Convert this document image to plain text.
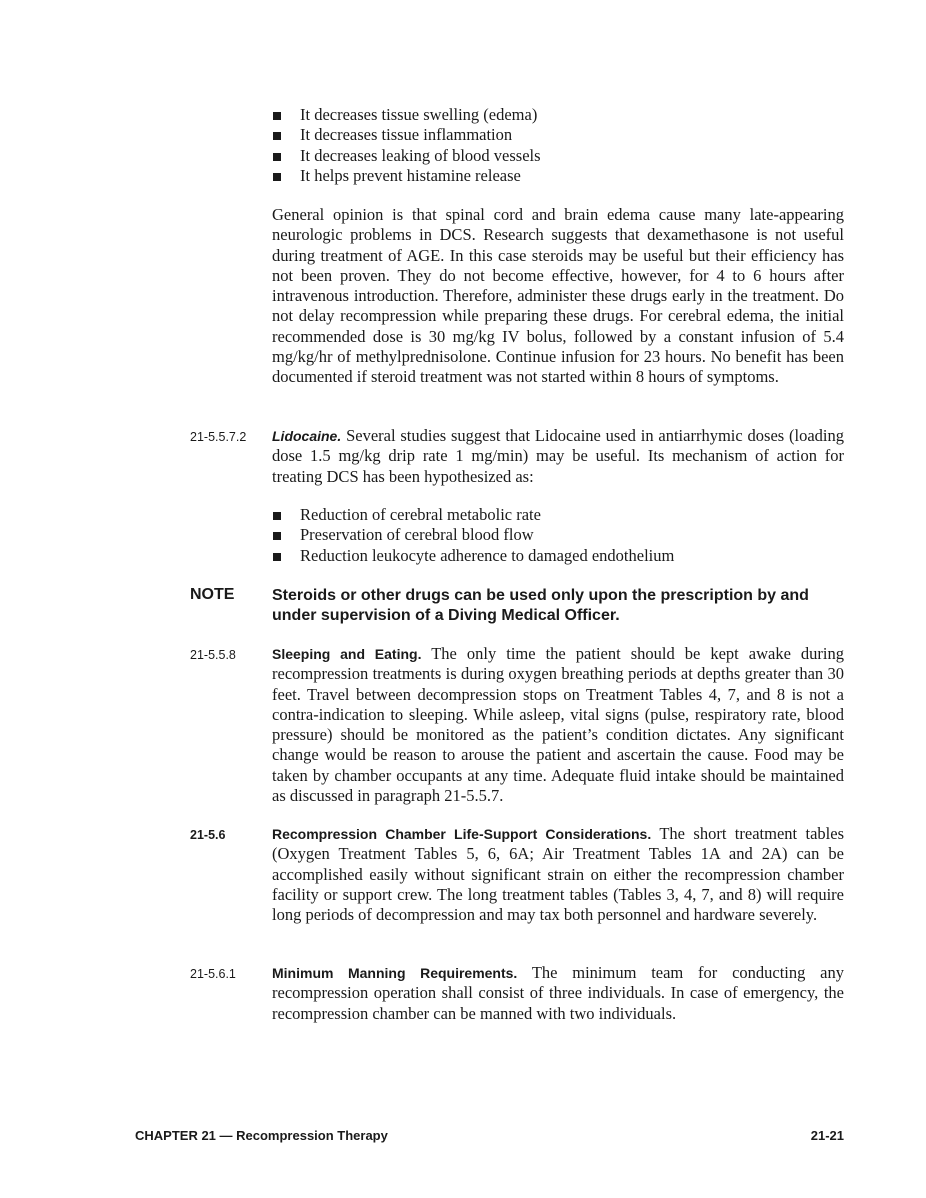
It decreases tissue swelling (edema)
It decreases tissue inflammation
It decreases leaking of blood vessels
It helps prevent histamine release
General opinion is that spinal cord and brain edema cause many late-appearing neurologic problems in DCS. Research suggests that dexamethasone is not useful during treatment of AGE. In this case steroids may be useful but their efficiency has not been proven. They do not become effective, however, for 4 to 6 hours after intravenous introduction. Therefore, administer these drugs early in the treatment. Do not delay recompression while preparing these drugs. For cerebral edema, the initial recommended dose is 30 mg/kg IV bolus, followed by a constant infusion of 5.4 mg/kg/hr of methylprednisolone. Continue infusion for 23 hours. No benefit has been documented if steroid treatment was not started within 8 hours of symptoms.
21-5.5.7.2 Lidocaine. Several studies suggest that Lidocaine used in antiarrhymic doses (loading dose 1.5 mg/kg drip rate 1 mg/min) may be useful. Its mechanism of action for treating DCS has been hypothesized as:
Reduction of cerebral metabolic rate
Preservation of cerebral blood flow
Reduction leukocyte adherence to damaged endothelium
NOTE Steroids or other drugs can be used only upon the prescription by and under supervision of a Diving Medical Officer.
21-5.5.8	Sleeping and Eating. The only time the patient should be kept awake during recompression treatments is during oxygen breathing periods at depths greater than 30 feet. Travel between decompression stops on Treatment Tables 4, 7, and 8 is not a contra-indication to sleeping. While asleep, vital signs (pulse, respiratory rate, blood pressure) should be monitored as the patient’s condition dictates. Any significant change would be reason to arouse the patient and ascertain the cause. Food may be taken by chamber occupants at any time. Adequate fluid intake should be maintained as discussed in paragraph 21-5.5.7.
21-5.6	Recompression Chamber Life-Support Considerations. The short treatment tables (Oxygen Treatment Tables 5, 6, 6A; Air Treatment Tables 1A and 2A) can be accomplished easily without significant strain on either the recompression chamber facility or support crew. The long treatment tables (Tables 3, 4, 7, and 8) will require long periods of decompression and may tax both personnel and hardware severely.
21-5.6.1	Minimum Manning Requirements. The minimum team for conducting any recompression operation shall consist of three individuals. In case of emergency, the recompression chamber can be manned with two individuals.
CHAPTER 21 — Recompression Therapy	21-21
